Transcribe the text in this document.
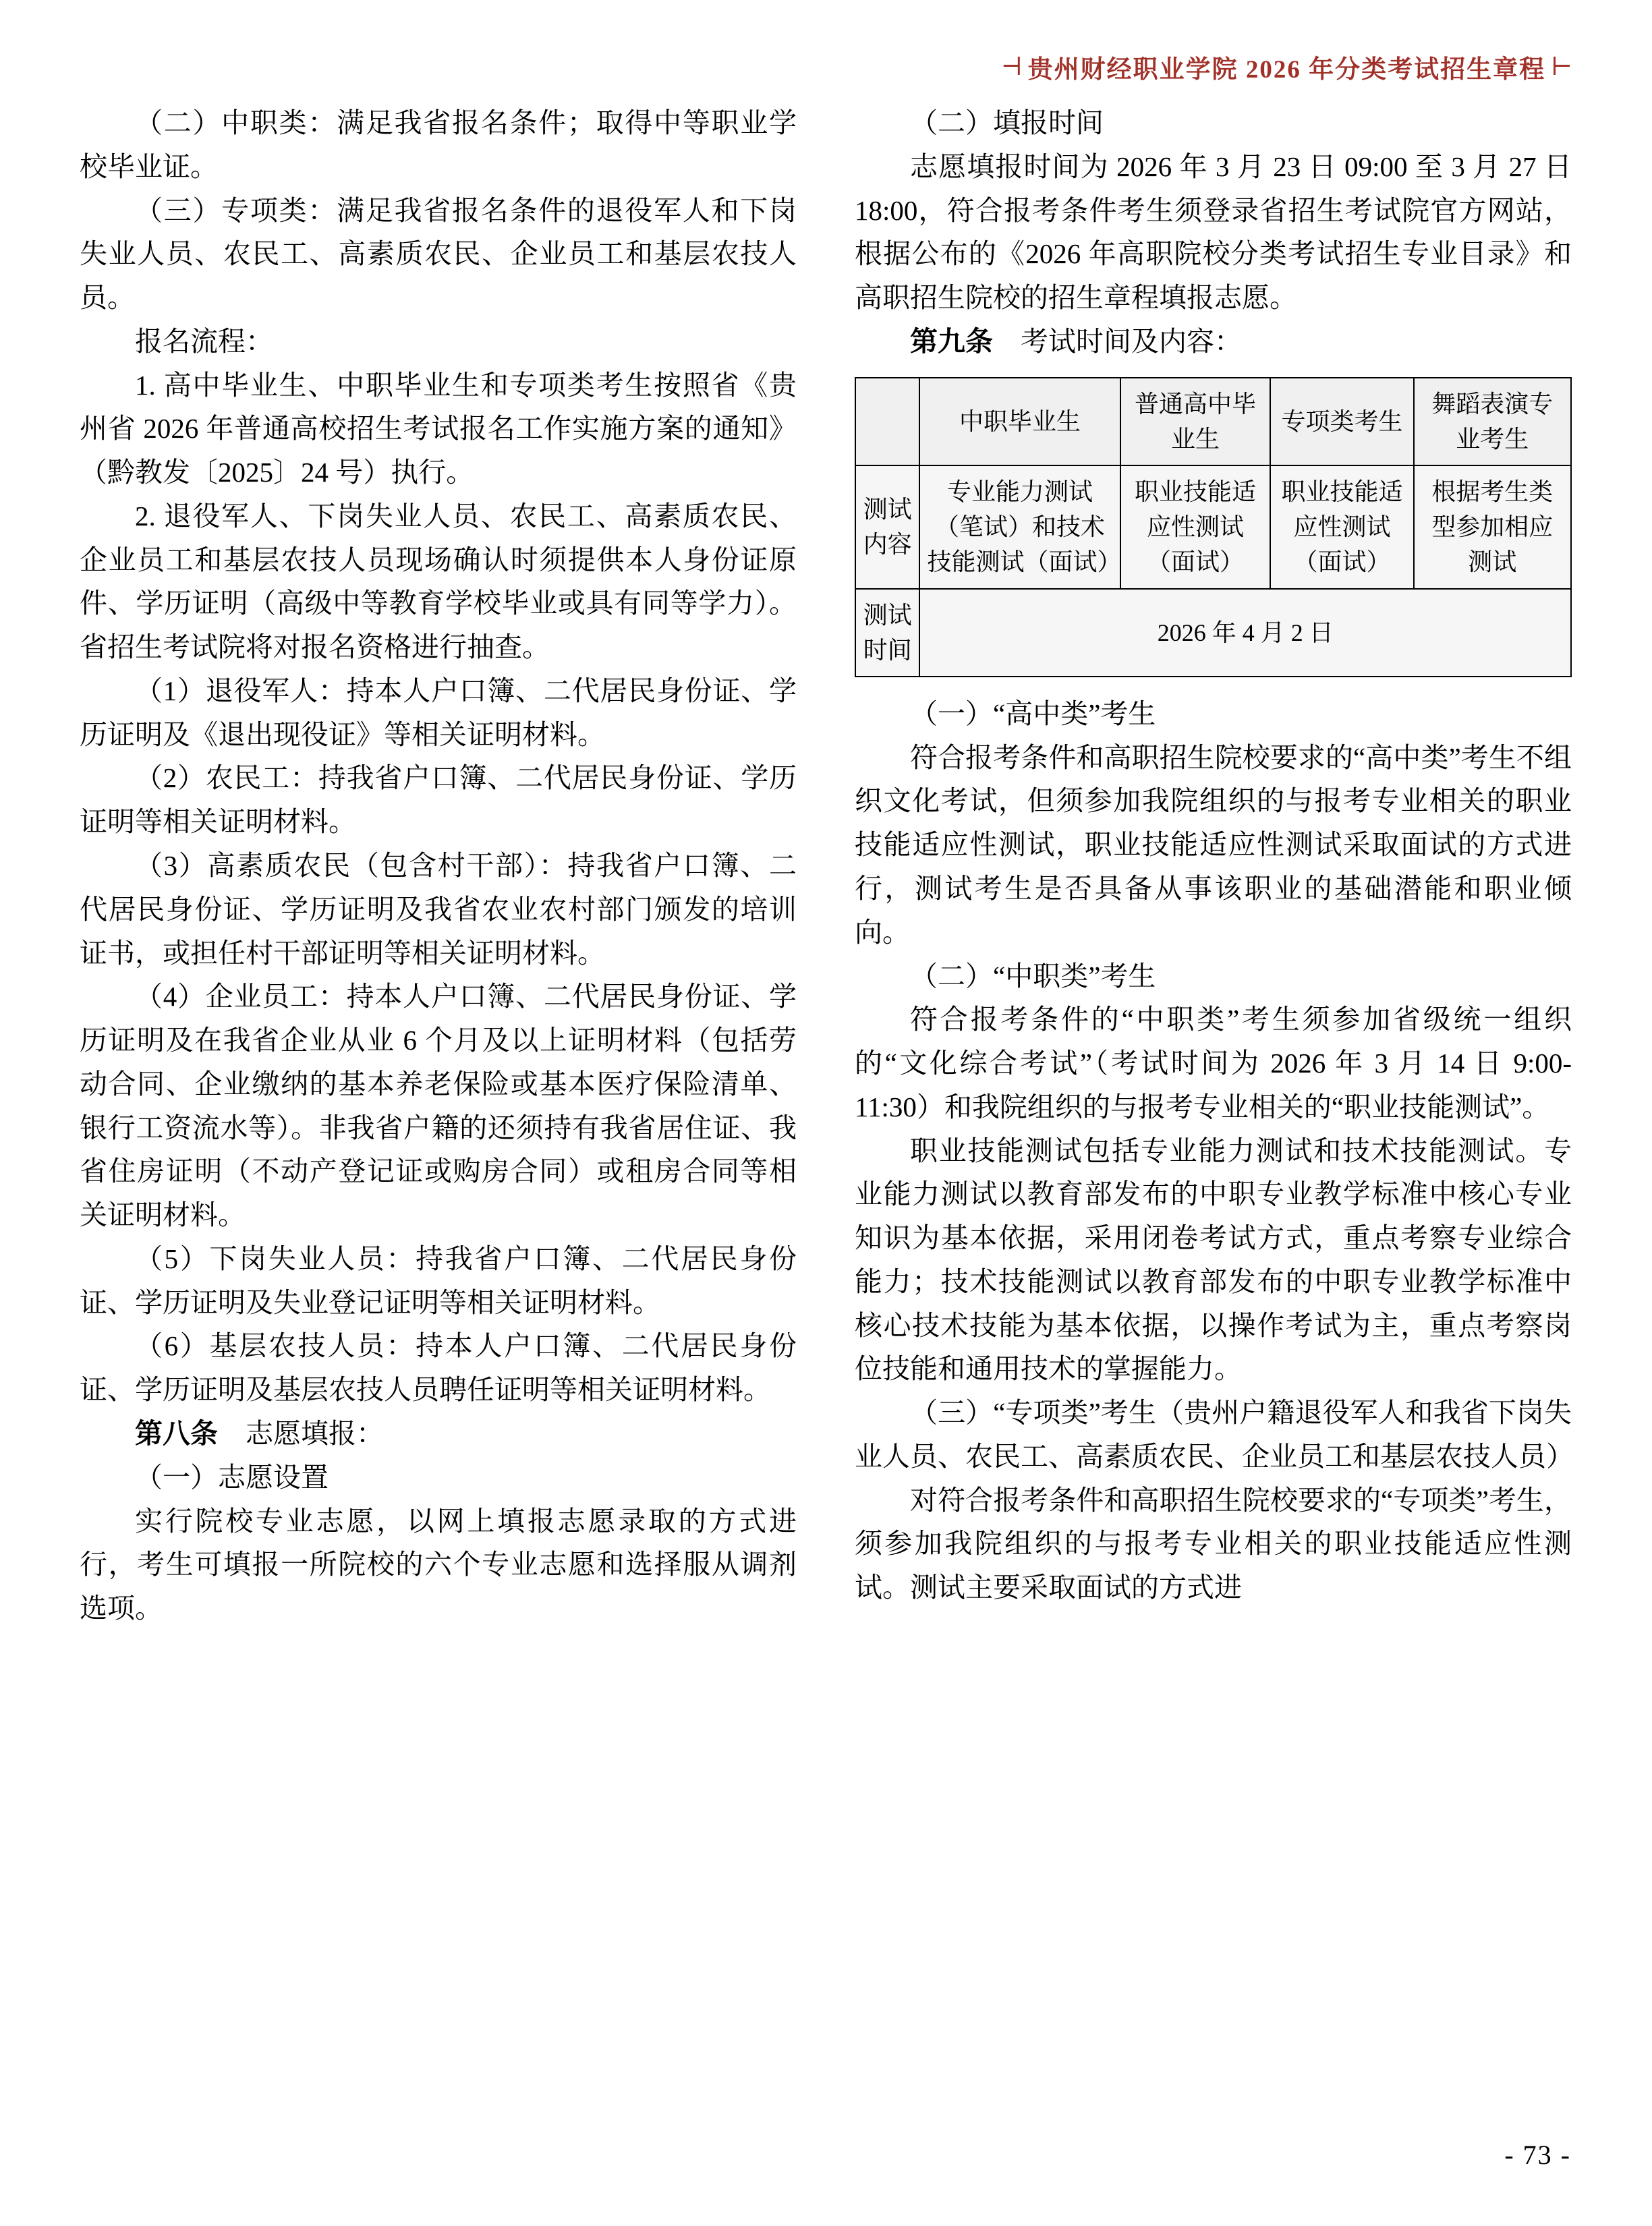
⊣ 贵州财经职业学院 2026 年分类考试招生章程 ⊢

（二）中职类：满足我省报名条件；取得中等职业学校毕业证。

（三）专项类：满足我省报名条件的退役军人和下岗失业人员、农民工、高素质农民、企业员工和基层农技人员。

报名流程：

1. 高中毕业生、中职毕业生和专项类考生按照省《贵州省 2026 年普通高校招生考试报名工作实施方案的通知》（黔教发〔2025〕24 号）执行。

2. 退役军人、下岗失业人员、农民工、高素质农民、企业员工和基层农技人员现场确认时须提供本人身份证原件、学历证明（高级中等教育学校毕业或具有同等学力）。省招生考试院将对报名资格进行抽查。

（1）退役军人：持本人户口簿、二代居民身份证、学历证明及《退出现役证》等相关证明材料。

（2）农民工：持我省户口簿、二代居民身份证、学历证明等相关证明材料。

（3）高素质农民（包含村干部）：持我省户口簿、二代居民身份证、学历证明及我省农业农村部门颁发的培训证书，或担任村干部证明等相关证明材料。

（4）企业员工：持本人户口簿、二代居民身份证、学历证明及在我省企业从业 6 个月及以上证明材料（包括劳动合同、企业缴纳的基本养老保险或基本医疗保险清单、银行工资流水等）。非我省户籍的还须持有我省居住证、我省住房证明（不动产登记证或购房合同）或租房合同等相关证明材料。

（5）下岗失业人员：持我省户口簿、二代居民身份证、学历证明及失业登记证明等相关证明材料。

（6）基层农技人员：持本人户口簿、二代居民身份证、学历证明及基层农技人员聘任证明等相关证明材料。

第八条　志愿填报：

（一）志愿设置

实行院校专业志愿，以网上填报志愿录取的方式进行，考生可填报一所院校的六个专业志愿和选择服从调剂选项。

（二）填报时间

志愿填报时间为 2026 年 3 月 23 日 09:00 至 3 月 27 日 18:00，符合报考条件考生须登录省招生考试院官方网站，根据公布的《2026 年高职院校分类考试招生专业目录》和高职招生院校的招生章程填报志愿。

第九条　考试时间及内容：

	中职毕业生	普通高中毕业生	专项类考生	舞蹈表演专业考生
测试内容	专业能力测试（笔试）和技术技能测试（面试）	职业技能适应性测试（面试）	职业技能适应性测试（面试）	根据考生类型参加相应测试
测试时间	2026 年 4 月 2 日			

（一）“高中类”考生

符合报考条件和高职招生院校要求的“高中类”考生不组织文化考试，但须参加我院组织的与报考专业相关的职业技能适应性测试，职业技能适应性测试采取面试的方式进行，测试考生是否具备从事该职业的基础潜能和职业倾向。

（二）“中职类”考生

符合报考条件的“中职类”考生须参加省级统一组织的“文化综合考试”（考试时间为 2026 年 3 月 14 日 9:00-11:30）和我院组织的与报考专业相关的“职业技能测试”。

职业技能测试包括专业能力测试和技术技能测试。专业能力测试以教育部发布的中职专业教学标准中核心专业知识为基本依据，采用闭卷考试方式，重点考察专业综合能力；技术技能测试以教育部发布的中职专业教学标准中核心技术技能为基本依据，以操作考试为主，重点考察岗位技能和通用技术的掌握能力。

（三）“专项类”考生（贵州户籍退役军人和我省下岗失业人员、农民工、高素质农民、企业员工和基层农技人员）

对符合报考条件和高职招生院校要求的“专项类”考生，须参加我院组织的与报考专业相关的职业技能适应性测试。测试主要采取面试的方式进

- 73 -
